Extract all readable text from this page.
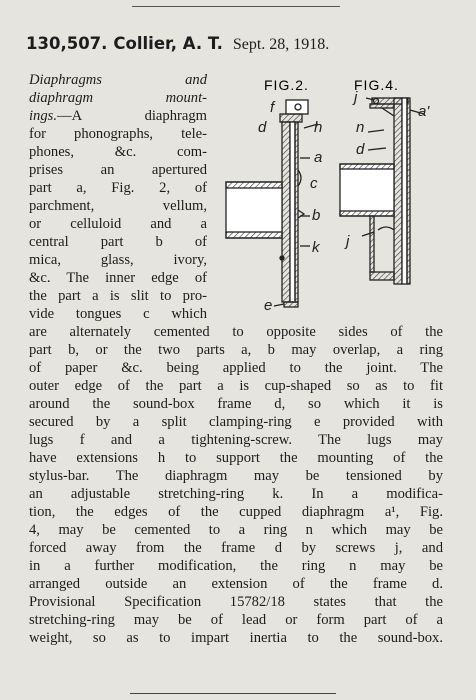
130,507. Collier, A. T. Sept. 28, 1918.
Diaphragms and
diaphragm mount-
ings.—A diaphragm
for phonographs, tele-
phones, &c. com-
prises an apertured
part a, Fig. 2, of
parchment, vellum,
or celluloid and a
central part b of
mica, glass, ivory,
&c. The inner edge of
the part a is slit to pro-
vide tongues c which
are alternately cemented to opposite sides of the
part b, or the two parts a, b may overlap, a ring
of paper &c. being applied to the joint. The
outer edge of the part a is cup-shaped so as to fit
around the sound-box frame d, so which it is
secured by a split clamping-ring e provided with
lugs f and a tightening-screw. The lugs may
have extensions h to support the mounting of the
stylus-bar. The diaphragm may be tensioned by
an adjustable stretching-ring k. In a modifica-
tion, the edges of the cupped diaphragm a¹, Fig.
4, may be cemented to a ring n which may be
forced away from the frame d by screws j, and
in a further modification, the ring n may be
arranged outside an extension of the frame d.
Provisional Specification 15782/18 states that the
stretching-ring may be of lead or form part of a
weight, so as to impart inertia to the sound-box.
FIG.2.	FIG.4.
f
d	h
a
c
b
k
e
j
a'
n
d
j
